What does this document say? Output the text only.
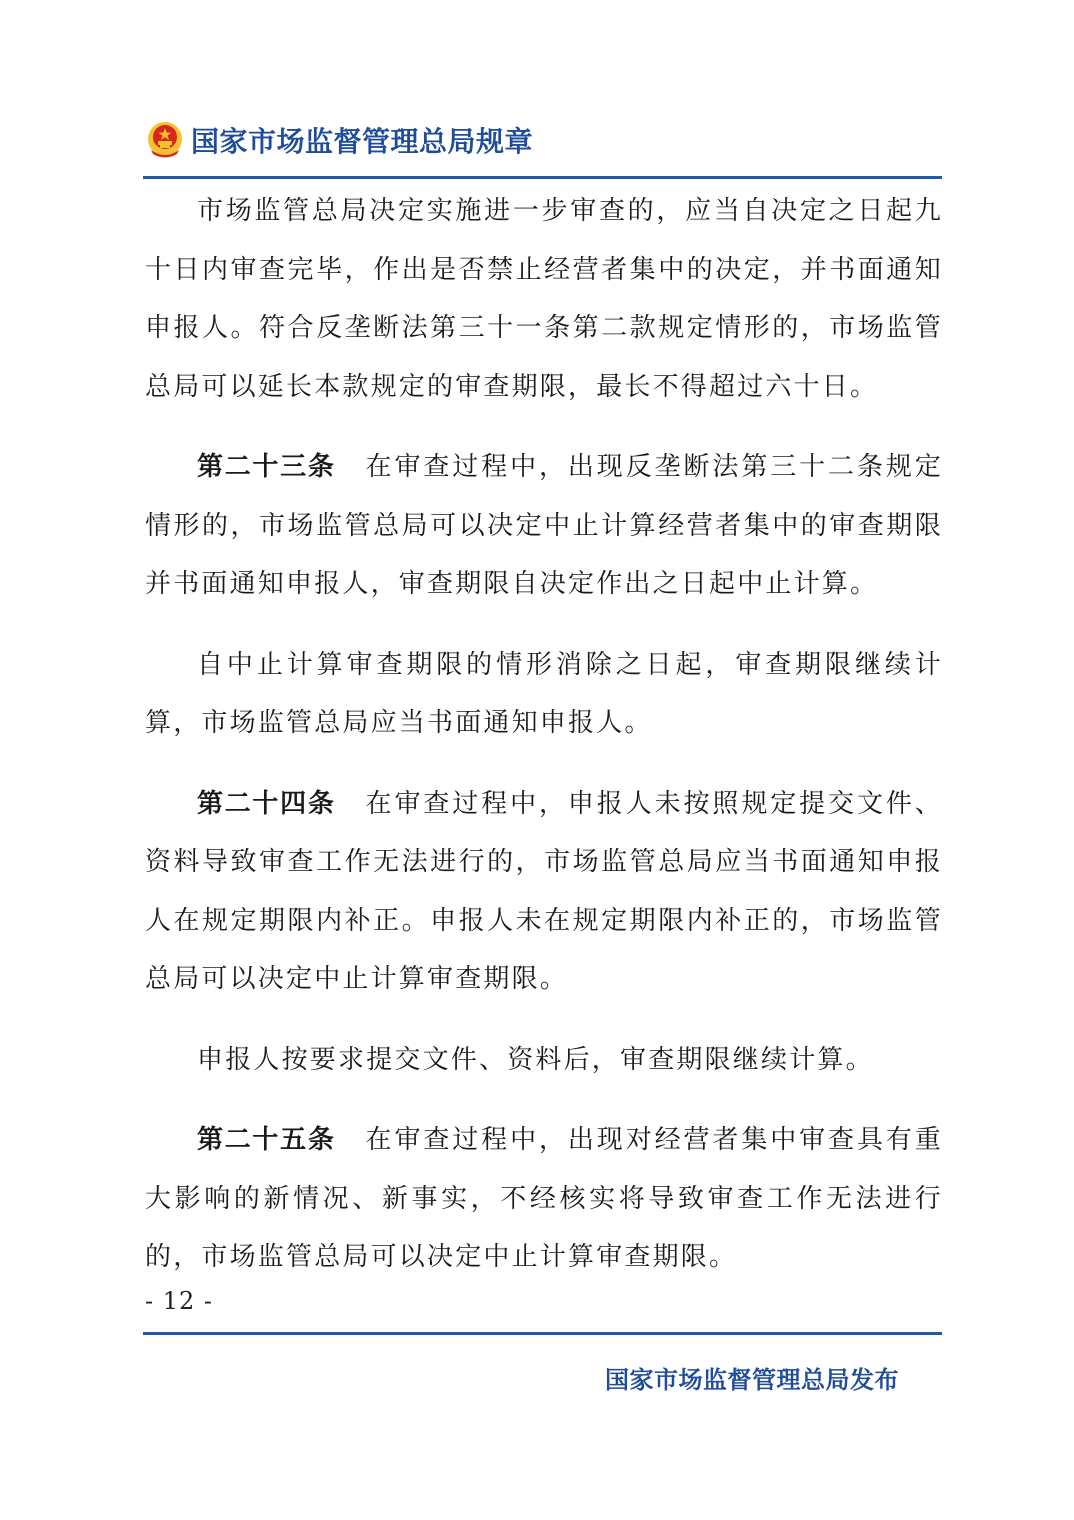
国家市场监督管理总局规章

市场监管总局决定实施进一步审查的，应当自决定之日起九十日内审查完毕，作出是否禁止经营者集中的决定，并书面通知申报人。符合反垄断法第三十一条第二款规定情形的，市场监管总局可以延长本款规定的审查期限，最长不得超过六十日。

第二十三条 在审查过程中，出现反垄断法第三十二条规定情形的，市场监管总局可以决定中止计算经营者集中的审查期限并书面通知申报人，审查期限自决定作出之日起中止计算。

自中止计算审查期限的情形消除之日起，审查期限继续计算，市场监管总局应当书面通知申报人。

第二十四条 在审查过程中，申报人未按照规定提交文件、资料导致审查工作无法进行的，市场监管总局应当书面通知申报人在规定期限内补正。申报人未在规定期限内补正的，市场监管总局可以决定中止计算审查期限。

申报人按要求提交文件、资料后，审查期限继续计算。

第二十五条 在审查过程中，出现对经营者集中审查具有重大影响的新情况、新事实，不经核实将导致审查工作无法进行的，市场监管总局可以决定中止计算审查期限。

- 12 -
国家市场监督管理总局发布
